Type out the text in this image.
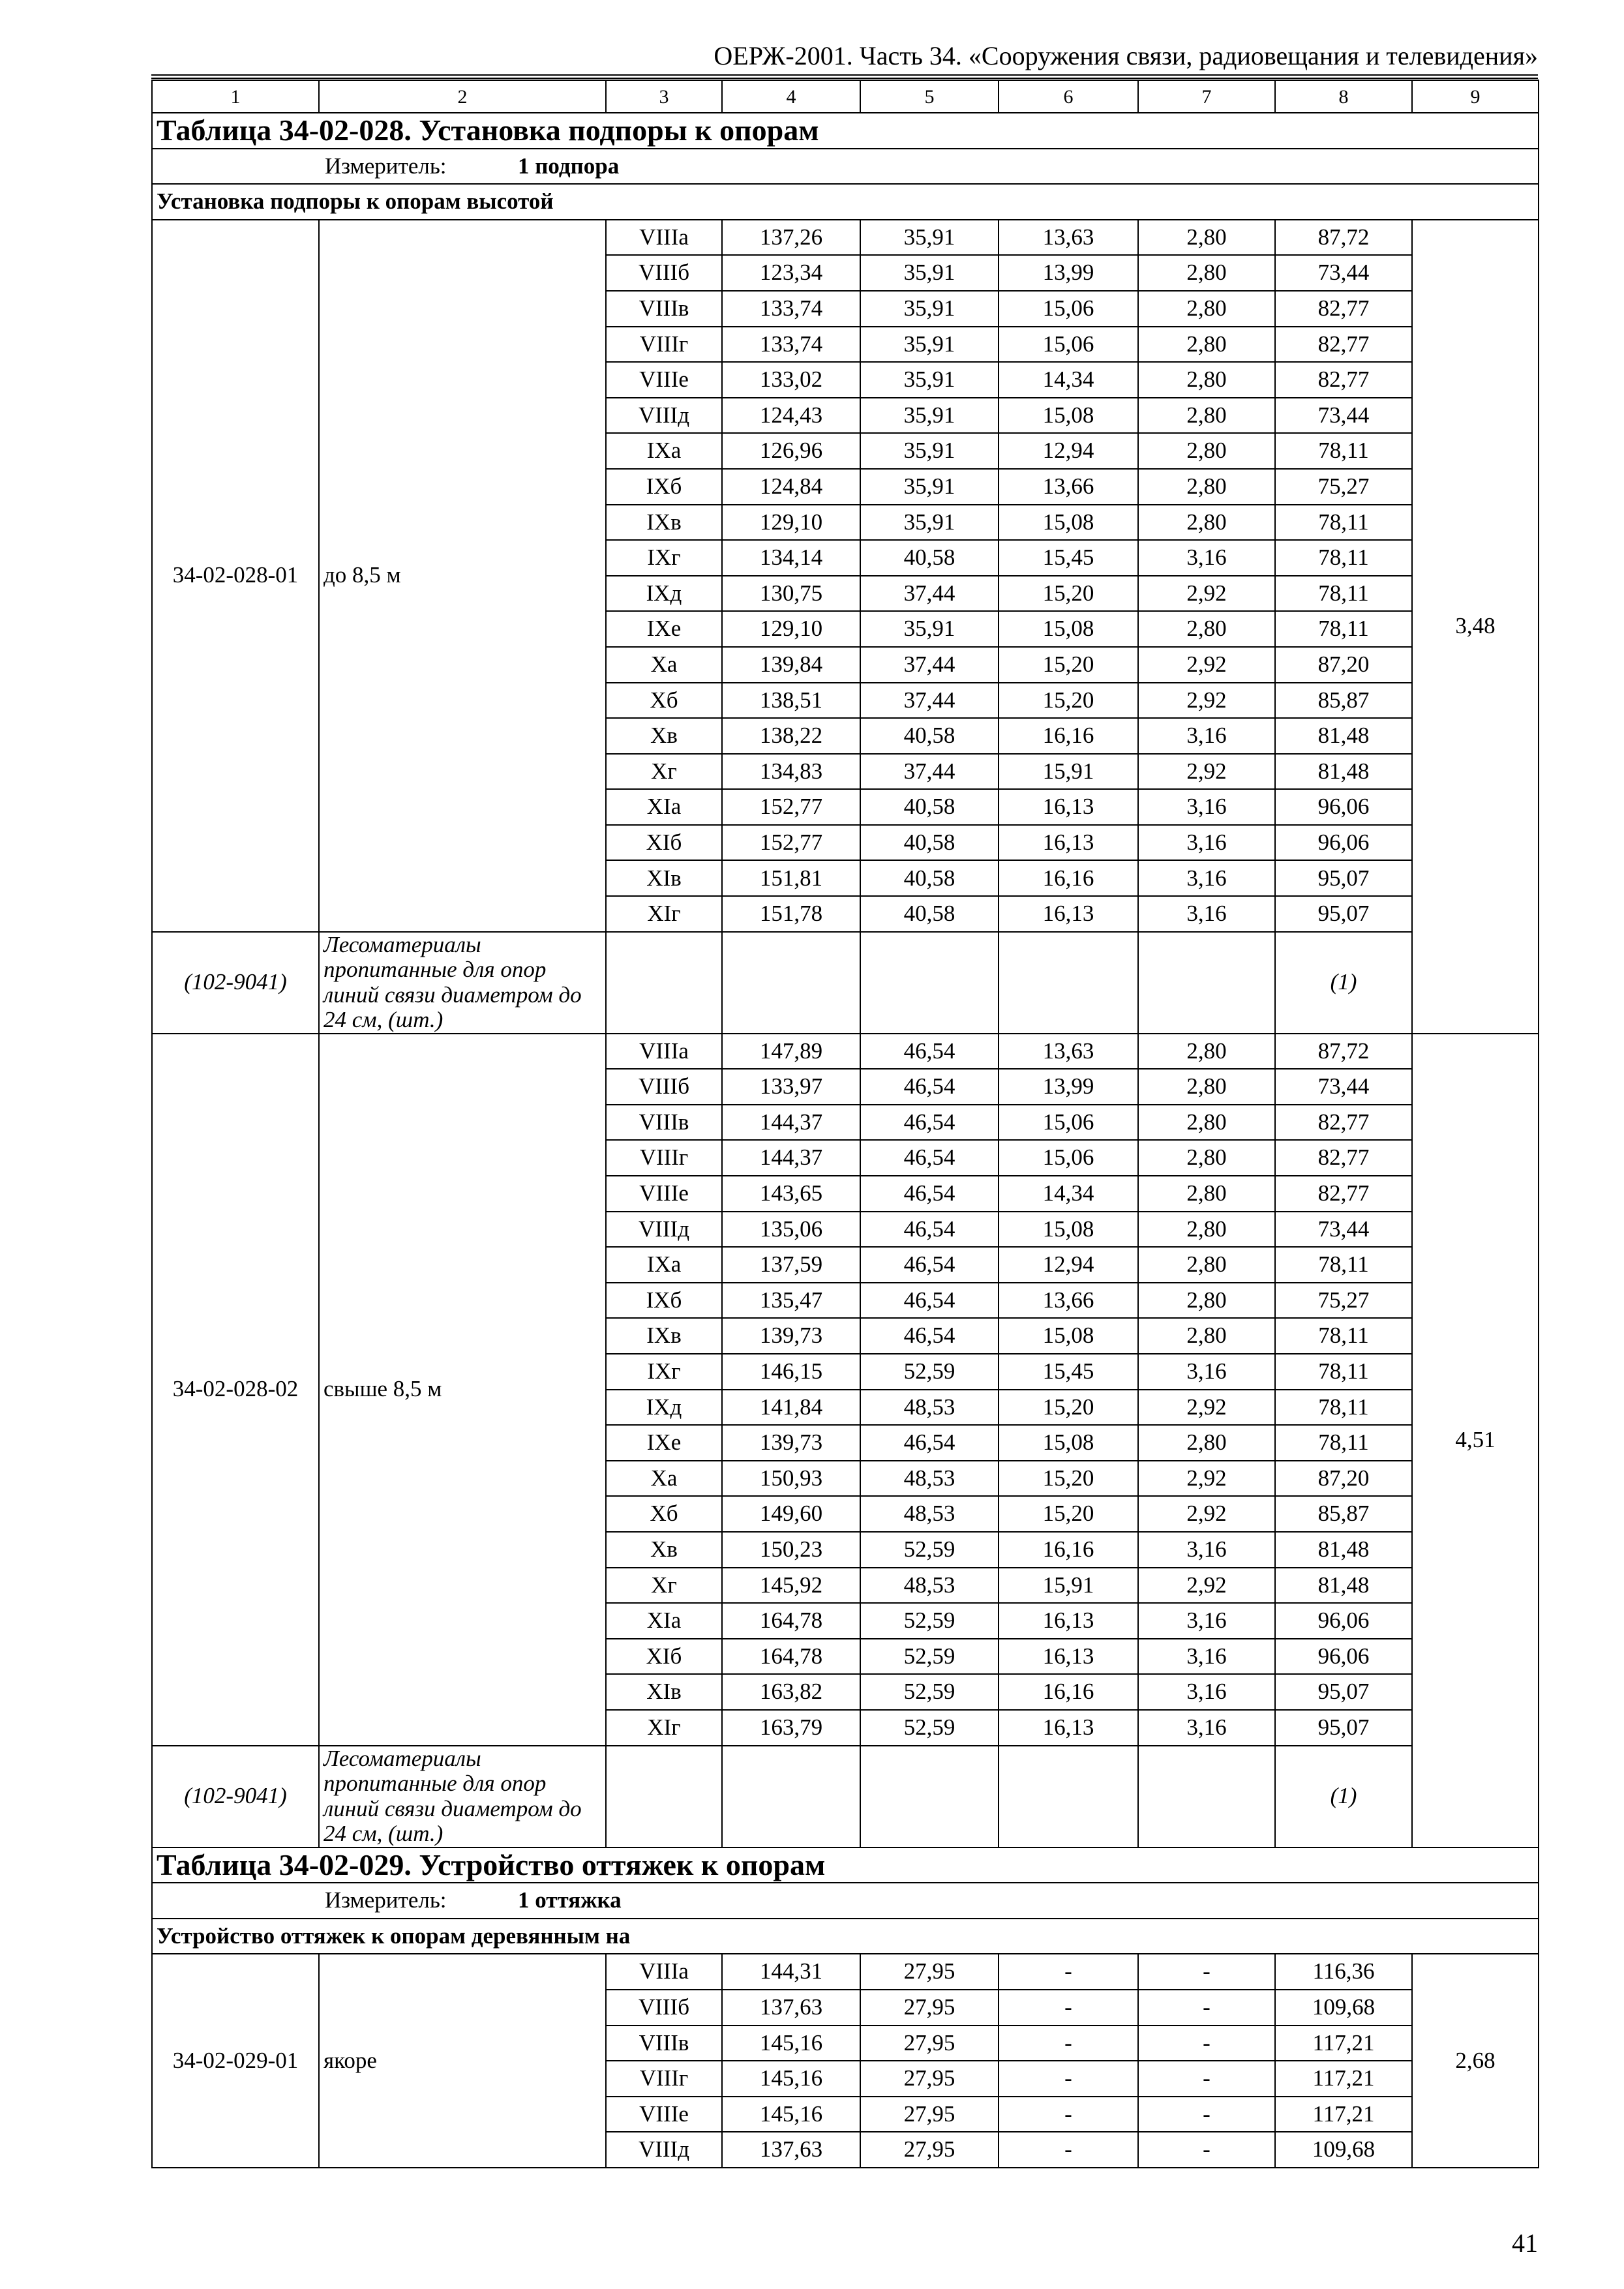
ОЕРЖ-2001. Часть 34. «Сооружения связи, радиовещания и телевидения»
1	2	3	4	5	6	7	8	9
Таблица 34-02-028. Установка подпоры к опорам								
Измеритель: 1 подпора								
Установка подпоры к опорам высотой								
34-02-028-01	до 8,5 м	VIIIа	137,26	35,91	13,63	2,80	87,72	3,48
		VIIIб	123,34	35,91	13,99	2,80	73,44	
		VIIIв	133,74	35,91	15,06	2,80	82,77	
		VIIIг	133,74	35,91	15,06	2,80	82,77	
		VIIIе	133,02	35,91	14,34	2,80	82,77	
		VIIIд	124,43	35,91	15,08	2,80	73,44	
		IXа	126,96	35,91	12,94	2,80	78,11	
		IXб	124,84	35,91	13,66	2,80	75,27	
		IXв	129,10	35,91	15,08	2,80	78,11	
		IXг	134,14	40,58	15,45	3,16	78,11	
		IXд	130,75	37,44	15,20	2,92	78,11	
		IXе	129,10	35,91	15,08	2,80	78,11	
		Xа	139,84	37,44	15,20	2,92	87,20	
		Xб	138,51	37,44	15,20	2,92	85,87	
		Xв	138,22	40,58	16,16	3,16	81,48	
		Xг	134,83	37,44	15,91	2,92	81,48	
		XIа	152,77	40,58	16,13	3,16	96,06	
		XIб	152,77	40,58	16,13	3,16	96,06	
		XIв	151,81	40,58	16,16	3,16	95,07	
		XIг	151,78	40,58	16,13	3,16	95,07	
(102-9041)	Лесоматериалы пропитанные для опор линий связи диаметром до 24 см, (шт.)						(1)	
34-02-028-02	свыше 8,5 м	VIIIа	147,89	46,54	13,63	2,80	87,72	4,51
		VIIIб	133,97	46,54	13,99	2,80	73,44	
		VIIIв	144,37	46,54	15,06	2,80	82,77	
		VIIIг	144,37	46,54	15,06	2,80	82,77	
		VIIIе	143,65	46,54	14,34	2,80	82,77	
		VIIIд	135,06	46,54	15,08	2,80	73,44	
		IXа	137,59	46,54	12,94	2,80	78,11	
		IXб	135,47	46,54	13,66	2,80	75,27	
		IXв	139,73	46,54	15,08	2,80	78,11	
		IXг	146,15	52,59	15,45	3,16	78,11	
		IXд	141,84	48,53	15,20	2,92	78,11	
		IXе	139,73	46,54	15,08	2,80	78,11	
		Xа	150,93	48,53	15,20	2,92	87,20	
		Xб	149,60	48,53	15,20	2,92	85,87	
		Xв	150,23	52,59	16,16	3,16	81,48	
		Xг	145,92	48,53	15,91	2,92	81,48	
		XIа	164,78	52,59	16,13	3,16	96,06	
		XIб	164,78	52,59	16,13	3,16	96,06	
		XIв	163,82	52,59	16,16	3,16	95,07	
		XIг	163,79	52,59	16,13	3,16	95,07	
(102-9041)	Лесоматериалы пропитанные для опор линий связи диаметром до 24 см, (шт.)						(1)	
Таблица 34-02-029. Устройство оттяжек к опорам								
Измеритель: 1 оттяжка								
Устройство оттяжек к опорам деревянным на								
34-02-029-01	якоре	VIIIа	144,31	27,95	-	-	116,36	2,68
		VIIIб	137,63	27,95	-	-	109,68	
		VIIIв	145,16	27,95	-	-	117,21	
		VIIIг	145,16	27,95	-	-	117,21	
		VIIIе	145,16	27,95	-	-	117,21	
		VIIIд	137,63	27,95	-	-	109,68	
41
